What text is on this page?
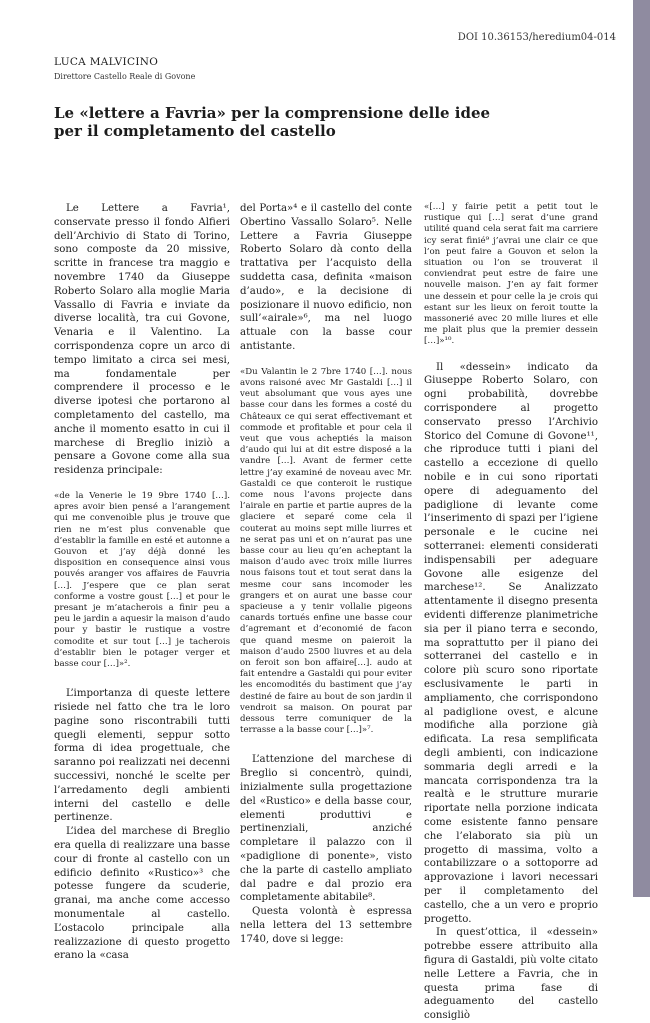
DOI 10.36153/heredium04-014
LUCA MALVICINO
Direttore Castello Reale di Govone
Le «lettere a Favria» per la comprensione delle idee
per il completamento del castello

Le Lettere a Favria¹, conservate presso il fondo Alfieri dell’Archivio di Stato di Torino, sono composte da 20 missive, scritte in francese tra maggio e novembre 1740 da Giuseppe Roberto Solaro alla moglie Maria Vassallo di Favria e inviate da diverse località, tra cui Govone, Venaria e il Valentino. La corrispondenza copre un arco di tempo limitato a circa sei mesi, ma fondamentale per comprendere il processo e le diverse ipotesi che portarono al completamento del castello, ma anche il momento esatto in cui il marchese di Breglio iniziò a pensare a Govone come alla sua residenza principale:

«de la Venerie le 19 9bre 1740 […]. apres avoir bien pensé a l’arangement qui me convenoible plus je trouve que rien ne m’est plus convenable que d’establir la famille en esté et autonne a Gouvon et j’ay déjà donné les disposition en consequence ainsi vous pouvés aranger vos affaires de Fauvria […]. J’espere que ce plan serat conforme a vostre goust […] et pour le presant je m’atacherois a finir peu a peu le jardin a aquesir la maison d’audo pour y bastir le rustique a vostre comodite et sur tout […] je tacherois d’establir bien le potager verger et basse cour […]»².

L’importanza di queste lettere risiede nel fatto che tra le loro pagine sono riscontrabili tutti quegli elementi, seppur sotto forma di idea progettuale, che saranno poi realizzati nei decenni successivi, nonché le scelte per l’arredamento degli ambienti interni del castello e delle pertinenze.

L’idea del marchese di Breglio era quella di realizzare una basse cour di fronte al castello con un edificio definito «Rustico»³ che potesse fungere da scuderie, granai, ma anche come accesso monumentale al castello. L’ostacolo principale alla realizzazione di questo progetto erano la «casa

del Porta»⁴ e il castello del conte Obertino Vassallo Solaro⁵. Nelle Lettere a Favria Giuseppe Roberto Solaro dà conto della trattativa per l’acquisto della suddetta casa, definita «maison d’audo», e la decisione di posizionare il nuovo edificio, non sull’«airale»⁶, ma nel luogo attuale con la basse cour antistante.

«Du Valantin le 2 7bre 1740 […]. nous avons raisoné avec Mr Gastaldi […] il veut absolumant que vous ayes une basse cour dans les formes a costé du Châteaux ce qui serat effectivemant et commode et profitable et pour cela il veut que vous acheptiés la maison d’audo qui lui at dit estre disposé a la vandre […]. Avant de fermer cette lettre j’ay examiné de noveau avec Mr. Gastaldi ce que conteroit le rustique come nous l’avons projecte dans l’airale en partie et partie aupres de la glaciere et separé come cela il couterat au moins sept mille liurres et ne serat pas uni et on n’aurat pas une basse cour au lieu qu’en acheptant la maison d’audo avec troix mille liurres nous faisons tout et tout serat dans la mesme cour sans incomoder les grangers et on aurat une basse cour spacieuse a y tenir vollalie pigeons canards tortués enfine une basse cour d’agremant et d’economié de facon que quand mesme on paieroit la maison d’audo 2500 liuvres et au dela on feroit son bon affaire[…]. audo at fait entendre a Gastaldi qui pour eviter les encomodités du bastiment que j’ay destiné de faire au bout de son jardin il vendroit sa maison. On pourat par dessous terre comuniquer de la terrasse a la basse cour […]»⁷.

L’attenzione del marchese di Breglio si concentrò, quindi, inizialmente sulla progettazione del «Rustico» e della basse cour, elementi produttivi e pertinenziali, anziché completare il palazzo con il «padiglione di ponente», visto che la parte di castello ampliato dal padre e dal prozio era completamente abitabile⁸.

Questa volontà è espressa nella lettera del 13 settembre 1740, dove si legge:

«[…] y fairie petit a petit tout le rustique qui […] serat d’une grand utilité quand cela serat fait ma carriere icy serat finié⁹ j’avrai une clair ce que l’on peut faire a Gouvon et selon la situation ou l’on se trouverat il conviendrat peut estre de faire une nouvelle maison. J’en ay fait former une dessein et pour celle la je crois qui estant sur les lieux on feroit toutte la massonerié avec 20 mille liures et elle me plait plus que la premier dessein […]»¹⁰.

Il «dessein» indicato da Giuseppe Roberto Solaro, con ogni probabilità, dovrebbe corrispondere al progetto conservato presso l’Archivio Storico del Comune di Govone¹¹, che riproduce tutti i piani del castello a eccezione di quello nobile e in cui sono riportati opere di adeguamento del padiglione di levante come l’inserimento di spazi per l’igiene personale e le cucine nei sotterranei: elementi considerati indispensabili per adeguare Govone alle esigenze del marchese¹². Se Analizzato attentamente il disegno presenta evidenti differenze planimetriche sia per il piano terra e secondo, ma soprattutto per il piano dei sotterranei del castello e in colore più scuro sono riportate esclusivamente le parti in ampliamento, che corrispondono al padiglione ovest, e alcune modifiche alla porzione già edificata. La resa semplificata degli ambienti, con indicazione sommaria degli arredi e la mancata corrispondenza tra la realtà e le strutture murarie riportate nella porzione indicata come esistente fanno pensare che l’elaborato sia più un progetto di massima, volto a contabilizzare o a sottoporre ad approvazione i lavori necessari per il completamento del castello, che a un vero e proprio progetto.

In quest’ottica, il «dessein» potrebbe essere attribuito alla figura di Gastaldi, più volte citato nelle Lettere a Favria, che in questa prima fase di adeguamento del castello consigliò
